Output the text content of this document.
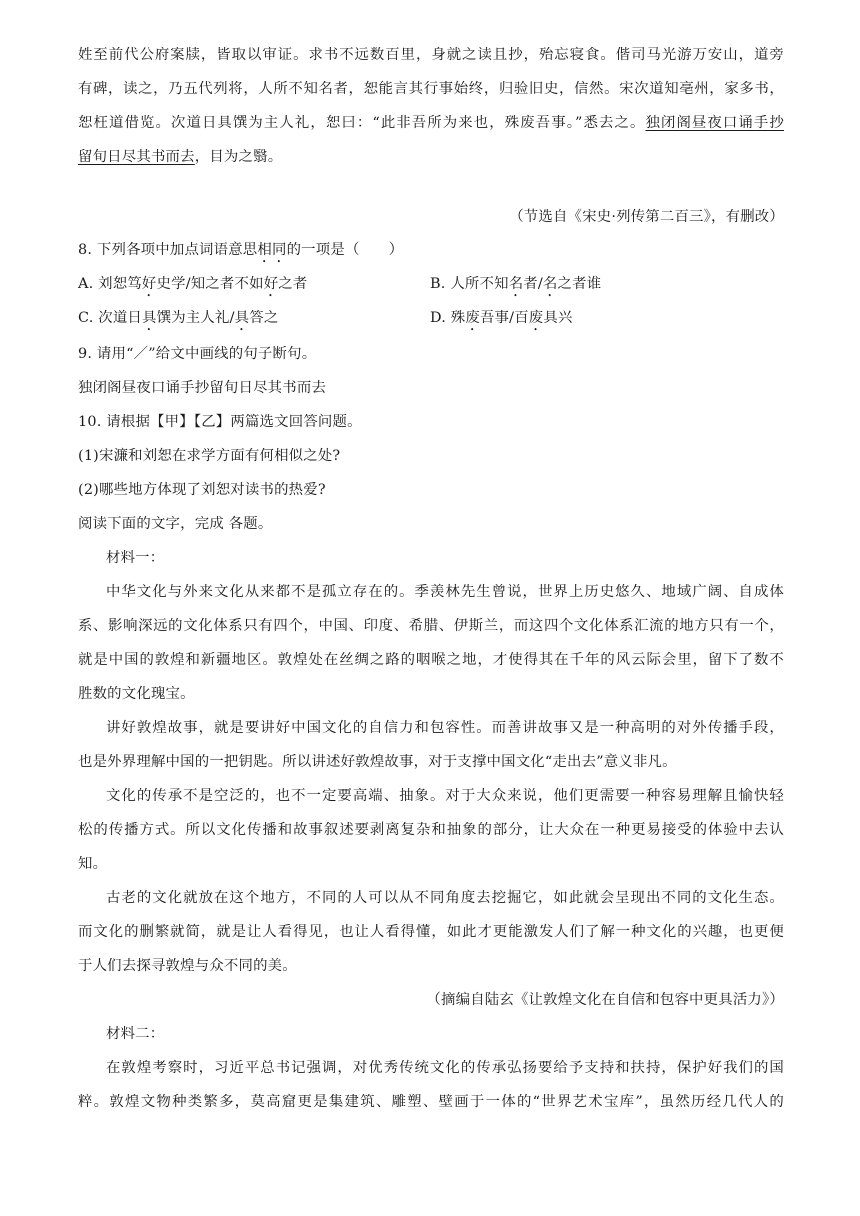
姓至前代公府案牍，皆取以审证。求书不远数百里，身就之读且抄，殆忘寝食。偕司马光游万安山，道旁
有碑，读之，乃五代列将，人所不知名者，恕能言其行事始终，归验旧史，信然。宋次道知亳州，家多书，
恕枉道借览。次道日具馔为主人礼，恕曰：“此非吾所为来也，殊废吾事。”悉去之。独闭阁昼夜口诵手抄
留旬日尽其书而去，目为之翳。
（节选自《宋史·列传第二百三》，有删改）
8. 下列各项中加点词语意思相同的一项是（　　）
A. 刘恕笃好史学/知之者不如好之者	B. 人所不知名者/名之者谁
C. 次道日具馔为主人礼/具答之	D. 殊废吾事/百废具兴
9. 请用“／”给文中画线的句子断句。
独闭阁昼夜口诵手抄留旬日尽其书而去
10. 请根据【甲】【乙】两篇选文回答问题。
(1)宋濂和刘恕在求学方面有何相似之处?
(2)哪些地方体现了刘恕对读书的热爱?
阅读下面的文字，完成 各题。
材料一：
中华文化与外来文化从来都不是孤立存在的。季羡林先生曾说，世界上历史悠久、地域广阔、自成体
系、影响深远的文化体系只有四个，中国、印度、希腊、伊斯兰，而这四个文化体系汇流的地方只有一个，
就是中国的敦煌和新疆地区。敦煌处在丝绸之路的咽喉之地，才使得其在千年的风云际会里，留下了数不
胜数的文化瑰宝。
讲好敦煌故事，就是要讲好中国文化的自信力和包容性。而善讲故事又是一种高明的对外传播手段，
也是外界理解中国的一把钥匙。所以讲述好敦煌故事，对于支撑中国文化“走出去”意义非凡。
文化的传承不是空泛的，也不一定要高端、抽象。对于大众来说，他们更需要一种容易理解且愉快轻
松的传播方式。所以文化传播和故事叙述要剥离复杂和抽象的部分，让大众在一种更易接受的体验中去认
知。
古老的文化就放在这个地方，不同的人可以从不同角度去挖掘它，如此就会呈现出不同的文化生态。
而文化的删繁就简，就是让人看得见，也让人看得懂，如此才更能激发人们了解一种文化的兴趣，也更便
于人们去探寻敦煌与众不同的美。
（摘编自陆玄《让敦煌文化在自信和包容中更具活力》）
材料二：
在敦煌考察时，习近平总书记强调，对优秀传统文化的传承弘扬要给予支持和扶持，保护好我们的国
粹。敦煌文物种类繁多，莫高窟更是集建筑、雕塑、壁画于一体的“世界艺术宝库”，虽然历经几代人的
